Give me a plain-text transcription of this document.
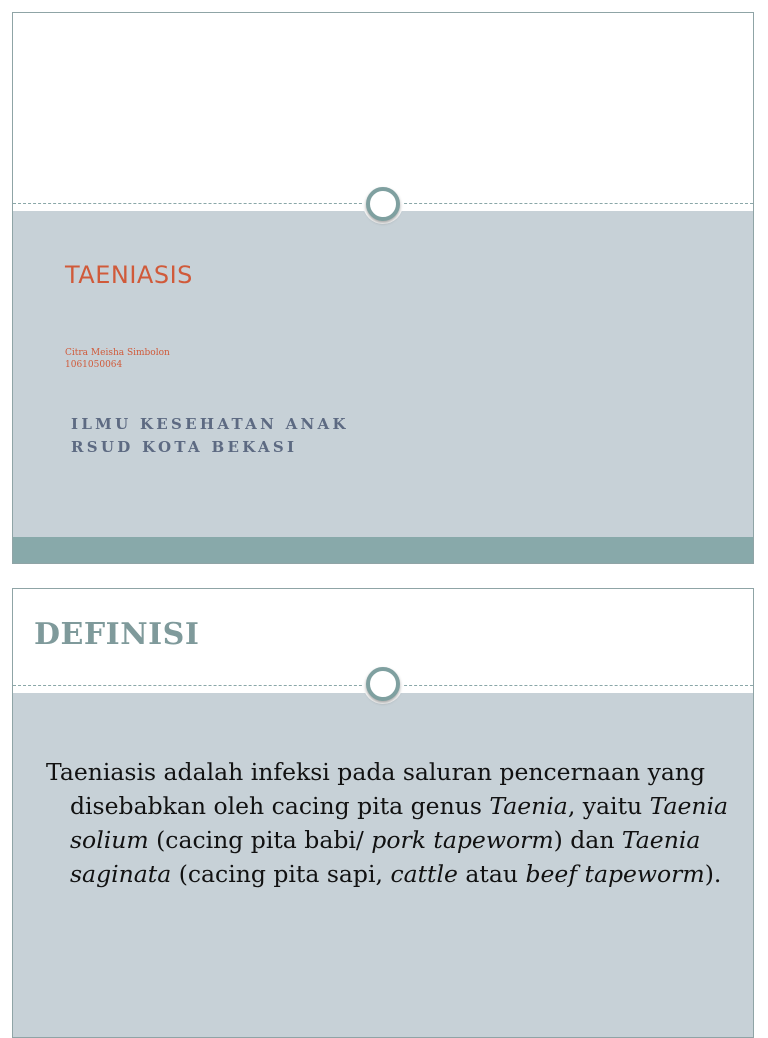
TAENIASIS
Citra Meisha Simbolon
1061050064
ILMU KESEHATAN ANAK
RSUD KOTA BEKASI
DEFINISI
Taeniasis adalah infeksi pada saluran pencernaan yang disebabkan oleh cacing pita genus Taenia, yaitu Taenia solium (cacing pita babi/ pork tapeworm) dan Taenia saginata (cacing pita sapi, cattle atau beef tapeworm).
